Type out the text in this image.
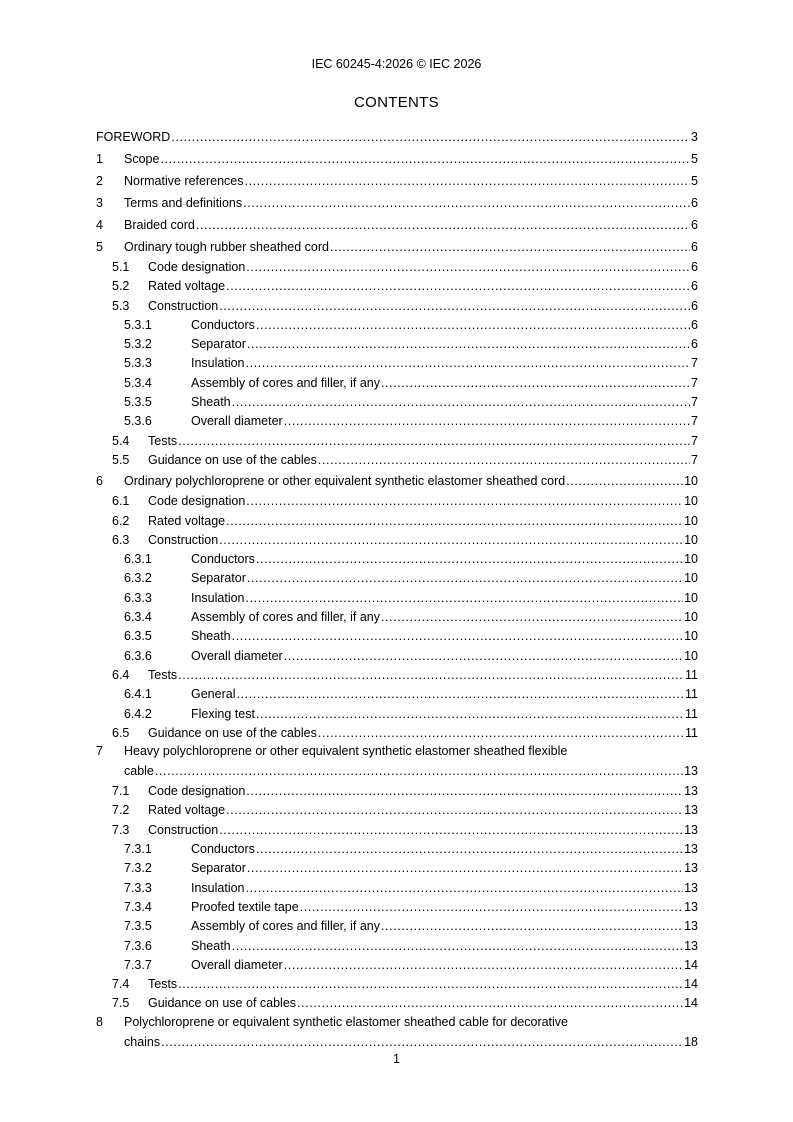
IEC 60245-4:2026 © IEC 2026
CONTENTS
FOREWORD .....	3
1	Scope .....	5
2	Normative references .....	5
3	Terms and definitions .....	6
4	Braided cord .....	6
5	Ordinary tough rubber sheathed cord .....	6
5.1	Code designation .....	6
5.2	Rated voltage .....	6
5.3	Construction .....	6
5.3.1	Conductors .....	6
5.3.2	Separator .....	6
5.3.3	Insulation .....	7
5.3.4	Assembly of cores and filler, if any .....	7
5.3.5	Sheath .....	7
5.3.6	Overall diameter .....	7
5.4	Tests .....	7
5.5	Guidance on use of the cables .....	7
6	Ordinary polychloroprene or other equivalent synthetic elastomer sheathed cord .....	10
6.1	Code designation .....	10
6.2	Rated voltage .....	10
6.3	Construction .....	10
6.3.1	Conductors .....	10
6.3.2	Separator .....	10
6.3.3	Insulation .....	10
6.3.4	Assembly of cores and filler, if any .....	10
6.3.5	Sheath .....	10
6.3.6	Overall diameter .....	10
6.4	Tests .....	11
6.4.1	General .....	11
6.4.2	Flexing test .....	11
6.5	Guidance on use of the cables .....	11
7	Heavy polychloroprene or other equivalent synthetic elastomer sheathed flexible
cable .....	13
7.1	Code designation .....	13
7.2	Rated voltage .....	13
7.3	Construction .....	13
7.3.1	Conductors .....	13
7.3.2	Separator .....	13
7.3.3	Insulation .....	13
7.3.4	Proofed textile tape .....	13
7.3.5	Assembly of cores and filler, if any .....	13
7.3.6	Sheath .....	13
7.3.7	Overall diameter .....	14
7.4	Tests .....	14
7.5	Guidance on use of cables .....	14
8	Polychloroprene or equivalent synthetic elastomer sheathed cable for decorative
chains .....	18
1
